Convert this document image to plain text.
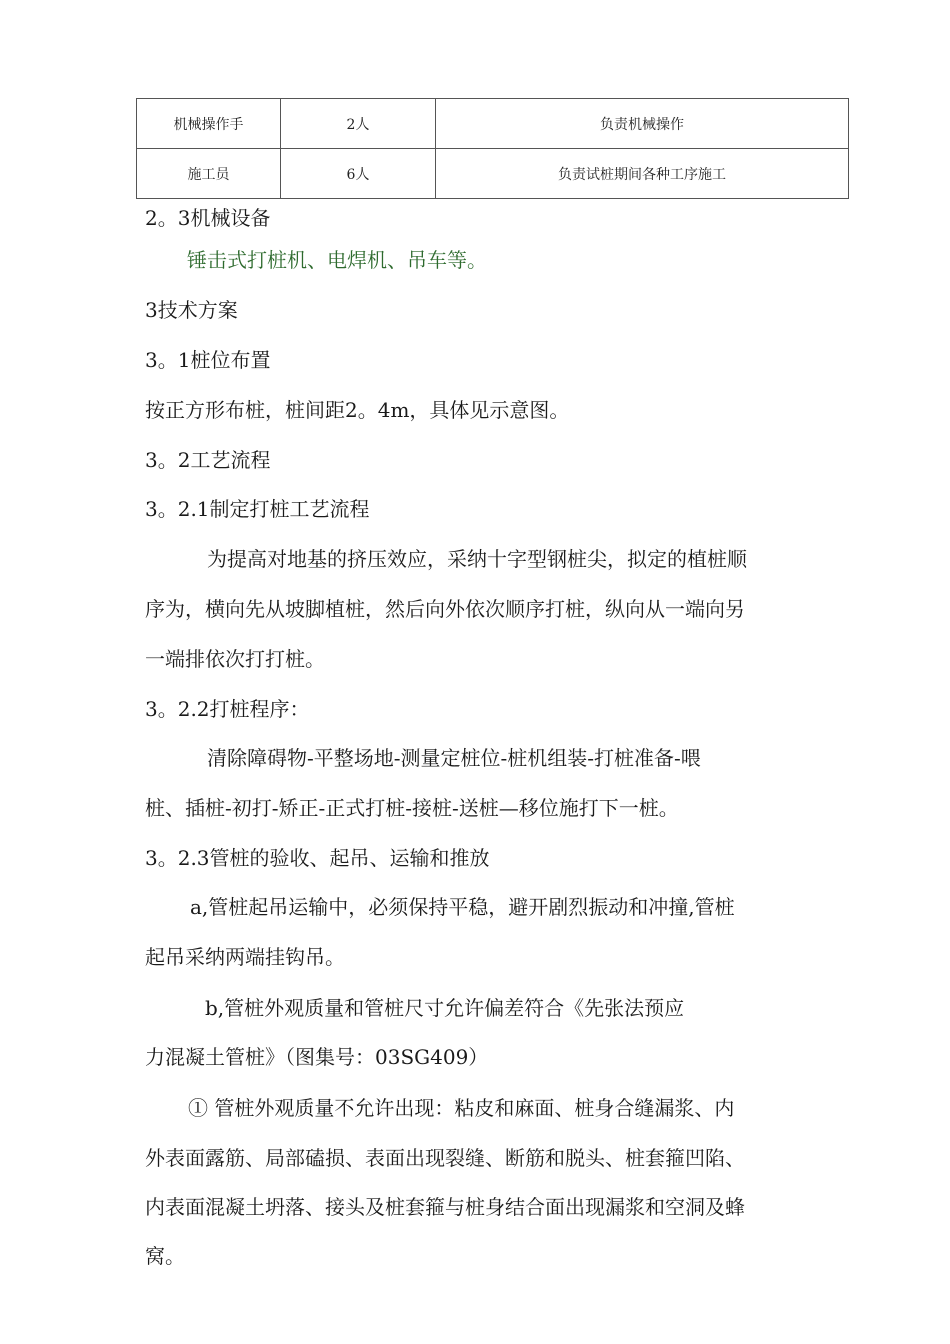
机械操作手	2人	负责机械操作
施工员	6人	负责试桩期间各种工序施工
2。3机械设备
锤击式打桩机、电焊机、吊车等。
3技术方案
3。1桩位布置
按正方形布桩，桩间距2。4m，具体见示意图。
3。2工艺流程
3。2.1制定打桩工艺流程
为提高对地基的挤压效应，采纳十字型钢桩尖，拟定的植桩顺
序为，横向先从坡脚植桩，然后向外依次顺序打桩，纵向从一端向另
一端排依次打打桩。
3。2.2打桩程序：
清除障碍物-平整场地-测量定桩位-桩机组装-打桩准备-喂
桩、插桩-初打-矫正-正式打桩-接桩-送桩—移位施打下一桩。
3。2.3管桩的验收、起吊、运输和推放
a,管桩起吊运输中，必须保持平稳，避开剧烈振动和冲撞,管桩
起吊采纳两端挂钩吊。
b,管桩外观质量和管桩尺寸允许偏差符合《先张法预应
力混凝土管桩》（图集号：03SG409）
① 管桩外观质量不允许出现：粘皮和麻面、桩身合缝漏浆、内
外表面露筋、局部磕损、表面出现裂缝、断筋和脱头、桩套箍凹陷、
内表面混凝土坍落、接头及桩套箍与桩身结合面出现漏浆和空洞及蜂
窝。
